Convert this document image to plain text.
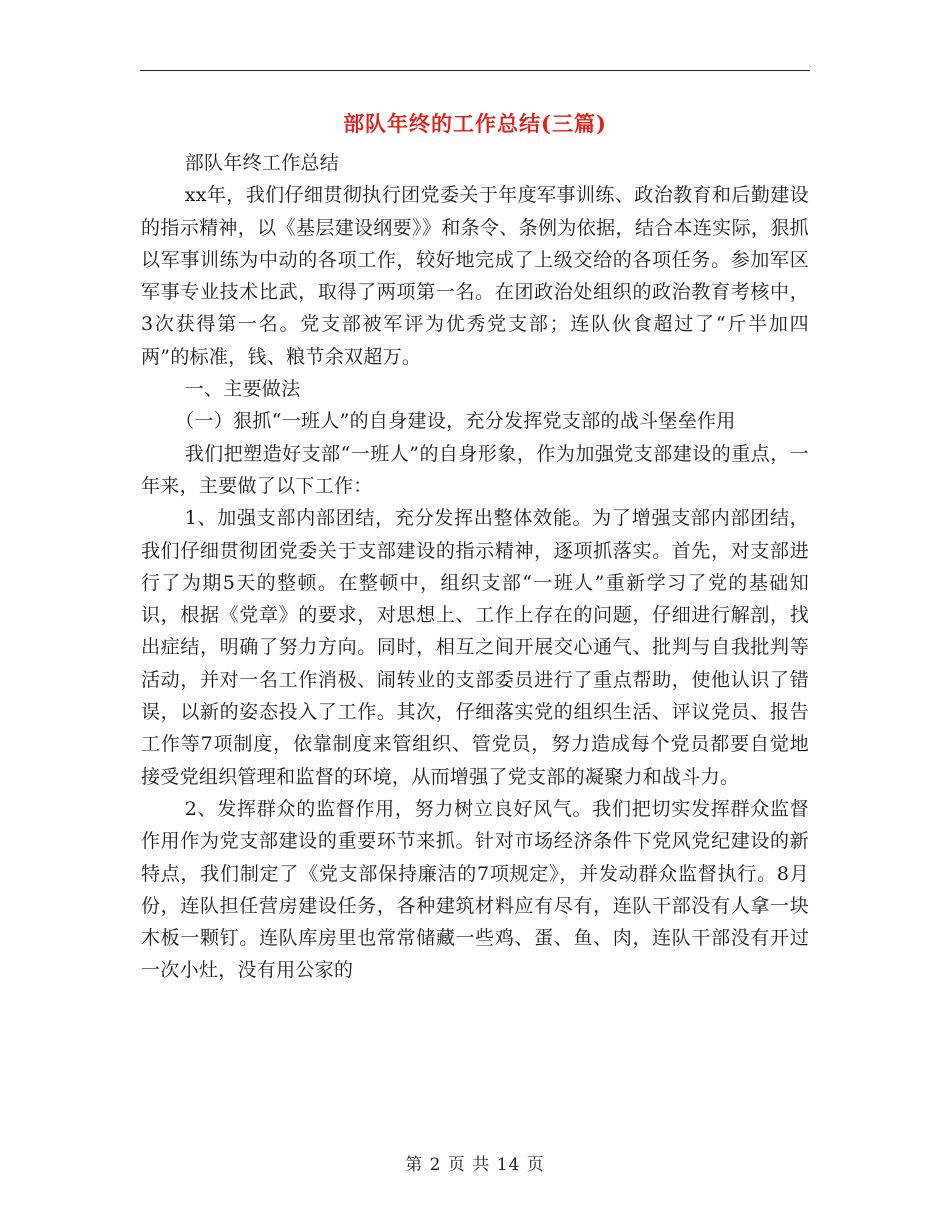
部队年终的工作总结(三篇)

部队年终工作总结

xx年，我们仔细贯彻执行团党委关于年度军事训练、政治教育和后勤建设的指示精神，以《基层建设纲要》》和条令、条例为依据，结合本连实际，狠抓以军事训练为中动的各项工作，较好地完成了上级交给的各项任务。参加军区军事专业技术比武，取得了两项第一名。在团政治处组织的政治教育考核中，3次获得第一名。党支部被军评为优秀党支部；连队伙食超过了“斤半加四两”的标准，钱、粮节余双超万。

一、主要做法

（一）狠抓“一班人”的自身建设，充分发挥党支部的战斗堡垒作用

我们把塑造好支部“一班人”的自身形象，作为加强党支部建设的重点，一年来，主要做了以下工作：

1、加强支部内部团结，充分发挥出整体效能。为了增强支部内部团结，我们仔细贯彻团党委关于支部建设的指示精神，逐项抓落实。首先，对支部进行了为期5天的整顿。在整顿中，组织支部“一班人”重新学习了党的基础知识，根据《党章》的要求，对思想上、工作上存在的问题，仔细进行解剖，找出症结，明确了努力方向。同时，相互之间开展交心通气、批判与自我批判等活动，并对一名工作消极、闹转业的支部委员进行了重点帮助，使他认识了错误，以新的姿态投入了工作。其次，仔细落实党的组织生活、评议党员、报告工作等7项制度，依靠制度来管组织、管党员，努力造成每个党员都要自觉地接受党组织管理和监督的环境，从而增强了党支部的凝聚力和战斗力。

2、发挥群众的监督作用，努力树立良好风气。我们把切实发挥群众监督作用作为党支部建设的重要环节来抓。针对市场经济条件下党风党纪建设的新特点，我们制定了《党支部保持廉洁的7项规定》，并发动群众监督执行。8月份，连队担任营房建设任务，各种建筑材料应有尽有，连队干部没有人拿一块木板一颗钉。连队库房里也常常储藏一些鸡、蛋、鱼、肉，连队干部没有开过一次小灶，没有用公家的

第 2 页 共 14 页
